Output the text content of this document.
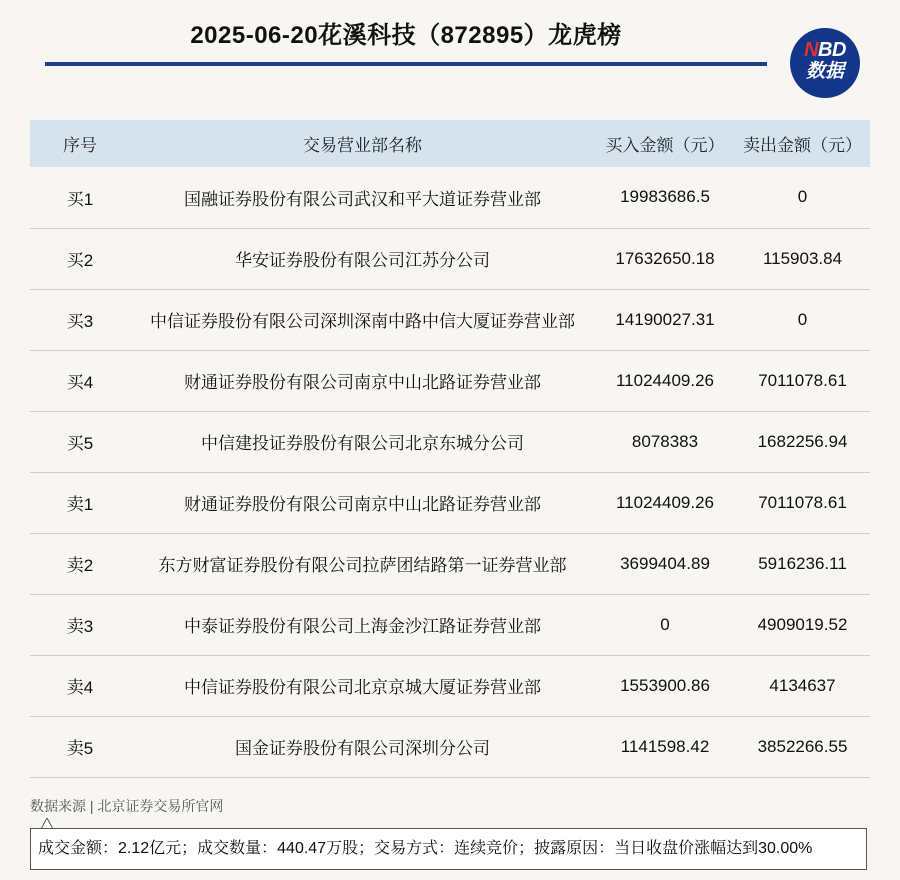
2025-06-20花溪科技（872895）龙虎榜
NBD
数据
序号	交易营业部名称	买入金额（元）	卖出金额（元）
买1	国融证券股份有限公司武汉和平大道证券营业部	19983686.5	0
买2	华安证券股份有限公司江苏分公司	17632650.18	115903.84
买3	中信证券股份有限公司深圳深南中路中信大厦证券营业部	14190027.31	0
买4	财通证券股份有限公司南京中山北路证券营业部	11024409.26	7011078.61
买5	中信建投证券股份有限公司北京东城分公司	8078383	1682256.94
卖1	财通证券股份有限公司南京中山北路证券营业部	11024409.26	7011078.61
卖2	东方财富证券股份有限公司拉萨团结路第一证券营业部	3699404.89	5916236.11
卖3	中泰证券股份有限公司上海金沙江路证券营业部	0	4909019.52
卖4	中信证券股份有限公司北京京城大厦证券营业部	1553900.86	4134637
卖5	国金证券股份有限公司深圳分公司	1141598.42	3852266.55
数据来源 | 北京证券交易所官网
成交金额：2.12亿元；成交数量：440.47万股；交易方式：连续竞价；披露原因：当日收盘价涨幅达到30.00%
